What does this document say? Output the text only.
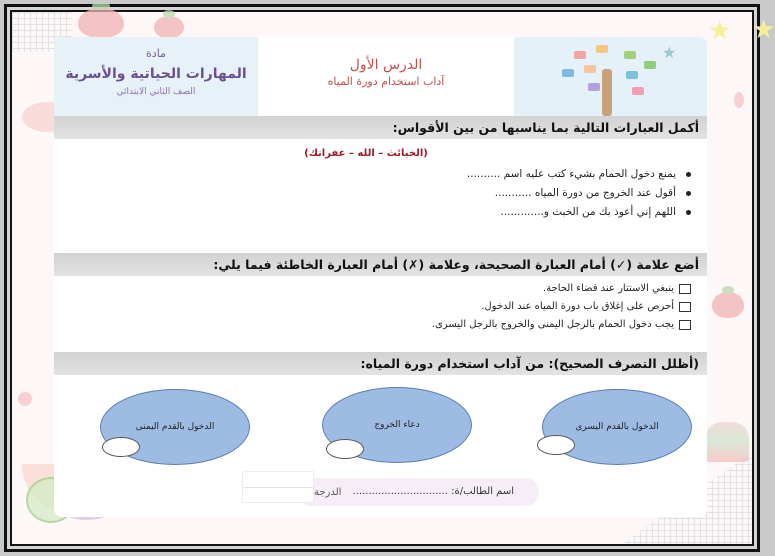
★
★
مادة
المهارات الحياتية والأسرية
الصف الثاني الابتدائي
الدرس الأول
آداب استخدام دورة المياه
★
أكمل العبارات التالية بما يناسبها من بين الأقواس:
(الخبائث – الله – غفرانك)
يمنع دخول الحمام بشيء كتب عليه اسم ..........
أقول عند الخروج من دورة المياه ...........
اللهم إني أعوذ بك من الخبث و.............
أضع علامة (✓) أمام العبارة الصحيحة، وعلامة (✗) أمام العبارة الخاطئة فيما يلي:
ينبغي الاستتار عند قضاء الحاجة.
أحرص على إغلاق باب دورة المياه عند الدخول.
يجب دخول الحمام بالرجل اليمنى والخروج بالرجل اليسرى.
(أظلل التصرف الصحيح): من آداب استخدام دورة المياه:
الدخول بالقدم اليسرى
دعاء الخروج
الدخول بالقدم اليمنى
اسم الطالب/ة: ..............................
الدرجة
